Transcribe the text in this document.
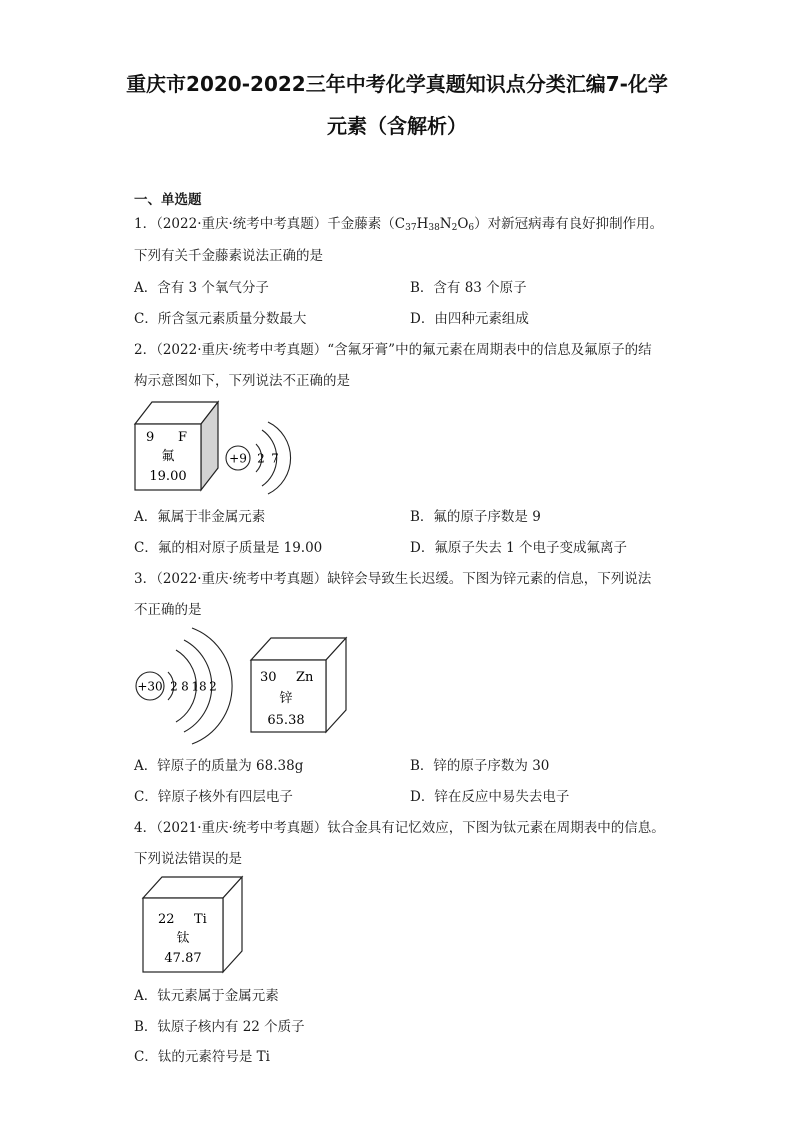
重庆市2020-2022三年中考化学真题知识点分类汇编7-化学
元素（含解析）
一、单选题
1．（2022·重庆·统考中考真题）千金藤素$(C_{37}H_{38}N_2O_6)$对新冠病毒有良好抑制作用。
下列有关千金藤素说法正确的是
A．含有 3 个氧气分子	B．含有 83 个原子
C．所含氢元素质量分数最大	D．由四种元素组成
2．（2022·重庆·统考中考真题）“含氟牙膏”中的氟元素在周期表中的信息及氟原子的结
构示意图如下，下列说法不正确的是
9 F
氟
19.00
+9 2 7
A．氟属于非金属元素	B．氟的原子序数是 9
C．氟的相对原子质量是 19.00	D．氟原子失去 1 个电子变成氟离子
3．（2022·重庆·统考中考真题）缺锌会导致生长迟缓。下图为锌元素的信息，下列说法
不正确的是
+30 2 8 18 2
30 Zn
锌
65.38
A．锌原子的质量为 68.38g	B．锌的原子序数为 30
C．锌原子核外有四层电子	D．锌在反应中易失去电子
4．（2021·重庆·统考中考真题）钛合金具有记忆效应，下图为钛元素在周期表中的信息。
下列说法错误的是
22 Ti
钛
47.87
A．钛元素属于金属元素
B．钛原子核内有 22 个质子
C．钛的元素符号是 Ti
